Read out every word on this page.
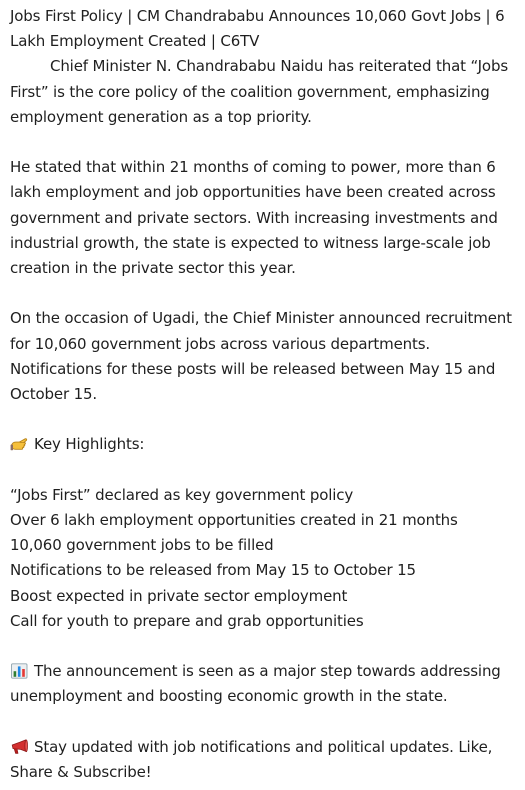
Jobs First Policy | CM Chandrababu Announces 10,060 Govt Jobs | 6 Lakh Employment Created | C6TV

Chief Minister N. Chandrababu Naidu has reiterated that “Jobs First” is the core policy of the coalition government, emphasizing employment generation as a top priority.

He stated that within 21 months of coming to power, more than 6 lakh employment and job opportunities have been created across government and private sectors. With increasing investments and industrial growth, the state is expected to witness large-scale job creation in the private sector this year.

On the occasion of Ugadi, the Chief Minister announced recruitment for 10,060 government jobs across various departments. Notifications for these posts will be released between May 15 and October 15.

Key Highlights:

“Jobs First” declared as key government policy
Over 6 lakh employment opportunities created in 21 months
10,060 government jobs to be filled
Notifications to be released from May 15 to October 15
Boost expected in private sector employment
Call for youth to prepare and grab opportunities

The announcement is seen as a major step towards addressing unemployment and boosting economic growth in the state.

Stay updated with job notifications and political updates. Like, Share & Subscribe!
